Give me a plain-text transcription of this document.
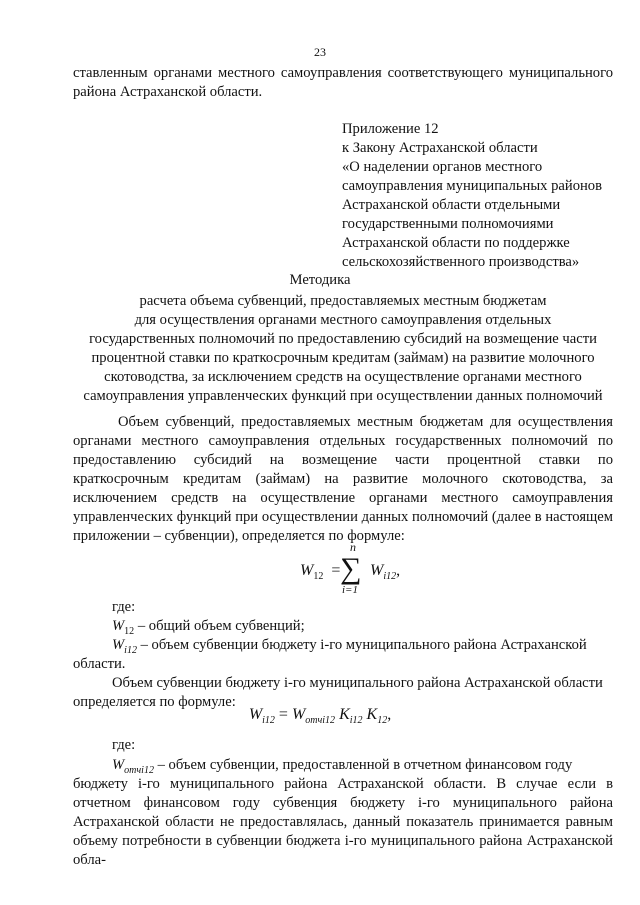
23
ставленным органами местного самоуправления соответствующего муниципального района Астраханской области.
Приложение 12
к Закону Астраханской области
«О наделении органов местного
самоуправления муниципальных районов
Астраханской области отдельными
государственными полномочиями
Астраханской области по поддержке
сельскохозяйственного производства»
Методика
расчета объема субвенций, предоставляемых местным бюджетам
для осуществления органами местного самоуправления отдельных
государственных полномочий по предоставлению субсидий на возмещение части
процентной ставки по краткосрочным кредитам (займам) на развитие молочного
скотоводства, за исключением средств на осуществление органами местного
самоуправления управленческих функций при осуществлении данных полномочий
Объем субвенций, предоставляемых местным бюджетам для осуществления органами местного самоуправления отдельных государственных полномочий по предоставлению субсидий на возмещение части процентной ставки по краткосрочным кредитам (займам) на развитие молочного скотоводства, за исключением средств на осуществление органами местного самоуправления управленческих функций при осуществлении данных полномочий (далее в настоящем приложении – субвенции), определяется по формуле:
$W_{12}$ =
n
∑
i=1
$W_{i12}$,
где:
$W_{12}$ – общий объем субвенций;
$W_{i12}$ – объем субвенции бюджету i-го муниципального района Астраханской
области.
Объем субвенции бюджету i-го муниципального района Астраханской области
определяется по формуле:
$W_{i12} = W_{отчi12}$ $K_{i12}$ $K_{12}$,
где:
$W_{отчi12}$ – объем субвенции, предоставленной в отчетном финансовом году
бюджету i-го муниципального района Астраханской области. В случае если в отчетном финансовом году субвенция бюджету i-го муниципального района Астраханской области не предоставлялась, данный показатель принимается равным объему потребности в субвенции бюджета i-го муниципального района Астраханской обла-
